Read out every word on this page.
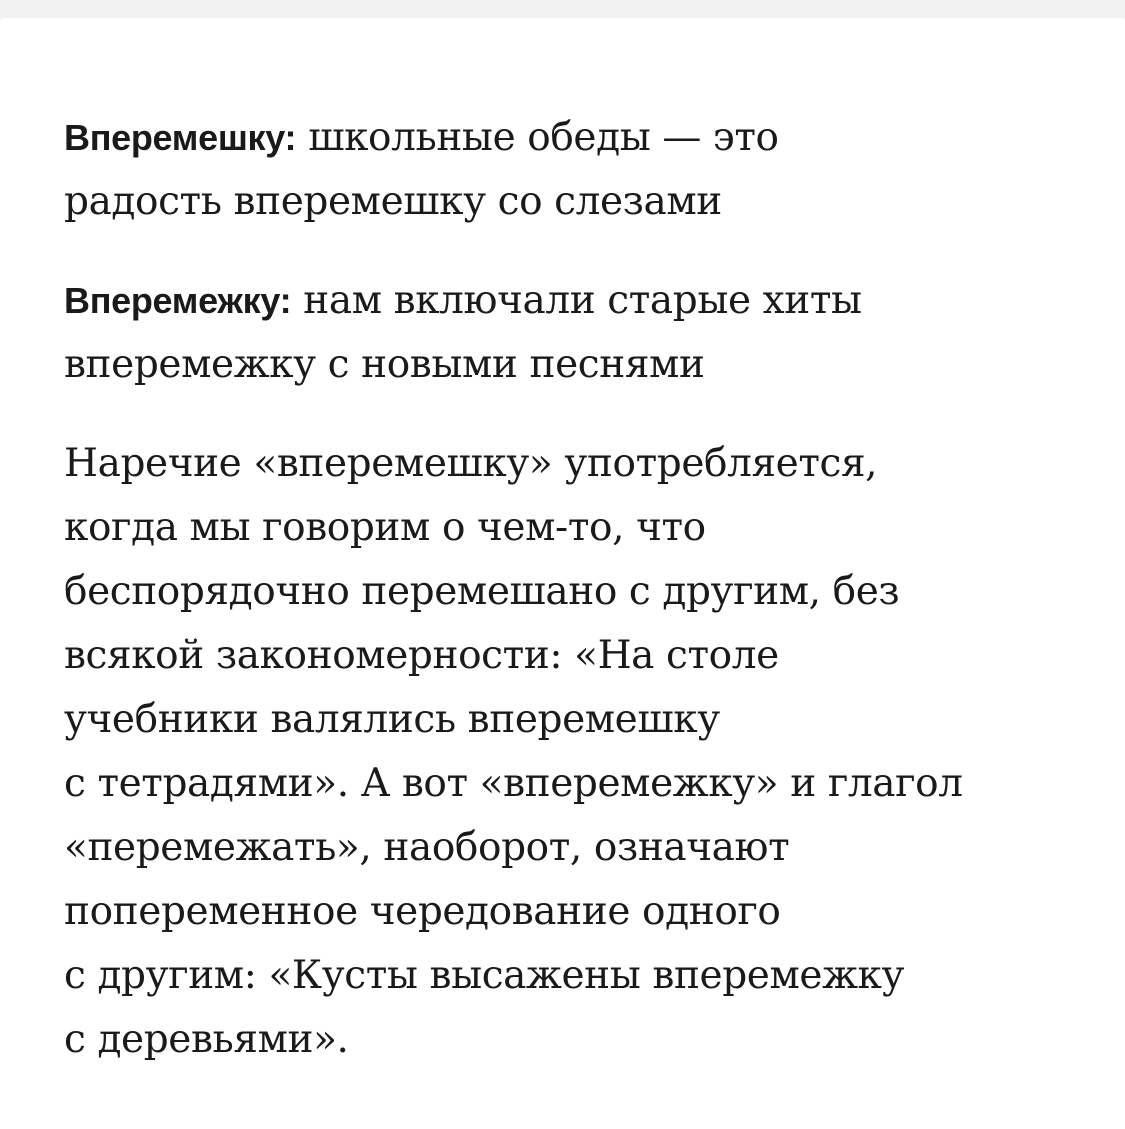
Вперемешку: школьные обеды — это
радость вперемешку со слезами

Вперемежку: нам включали старые хиты
вперемежку с новыми песнями

Наречие «вперемешку» употребляется,
когда мы говорим о чем-то, что
беспорядочно перемешано с другим, без
всякой закономерности: «На столе
учебники валялись вперемешку
с тетрадями». А вот «вперемежку» и глагол
«перемежать», наоборот, означают
попеременное чередование одного
с другим: «Кусты высажены вперемежку
с деревьями».
